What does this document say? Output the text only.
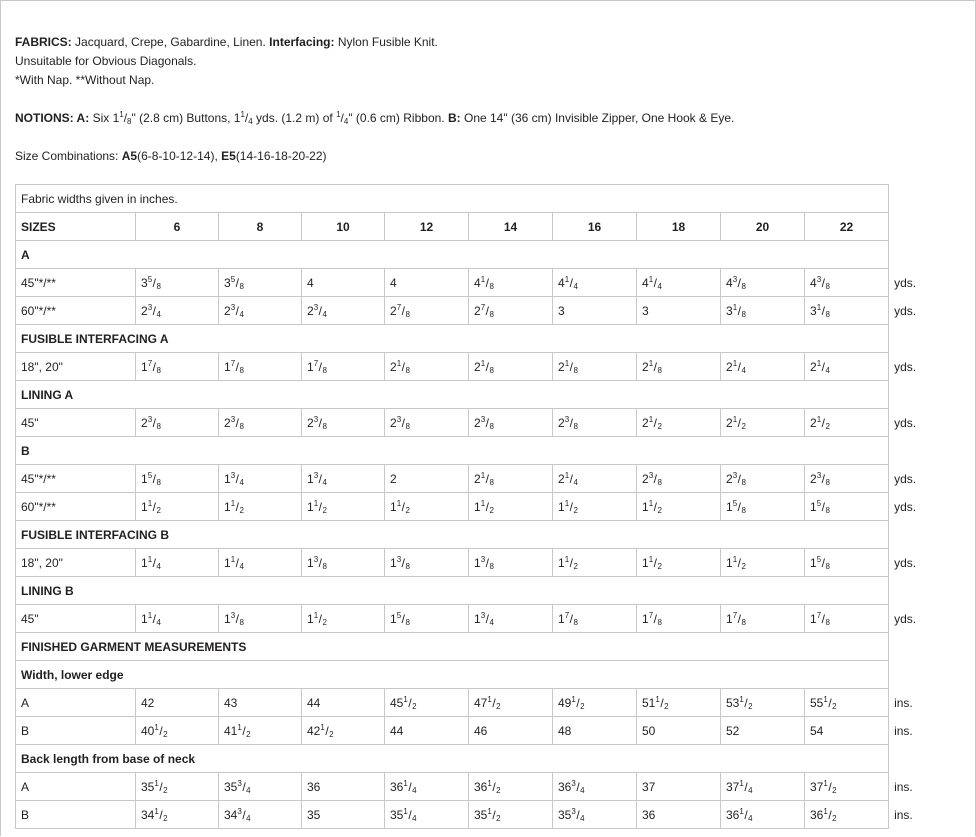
FABRICS: Jacquard, Crepe, Gabardine, Linen. Interfacing: Nylon Fusible Knit.

Unsuitable for Obvious Diagonals.

*With Nap. **Without Nap.

NOTIONS: A: Six $1^1/_8$" (2.8 cm) Buttons, $1^1/_4$ yds. (1.2 m) of $^1/_4$" (0.6 cm) Ribbon. B: One 14" (36 cm) Invisible Zipper, One Hook & Eye.

Size Combinations: A5(6-8-10-12-14), E5(14-16-18-20-22)

Fabric widths given in inches.										
SIZES	6	8	10	12	14	16	18	20	22	
A										
45"*/**	$3^5/8$	$3^5/8$	4	4	$4^1/8$	$4^1/4$	$4^1/4$	$4^3/8$	$4^3/8$	yds.
60"*/**	$2^3/4$	$2^3/4$	$2^3/4$	$2^7/8$	$2^7/8$	3	3	$3^1/8$	$3^1/8$	yds.
FUSIBLE INTERFACING A										
18", 20"	$1^7/8$	$1^7/8$	$1^7/8$	$2^1/8$	$2^1/8$	$2^1/8$	$2^1/8$	$2^1/4$	$2^1/4$	yds.
LINING A										
45"	$2^3/8$	$2^3/8$	$2^3/8$	$2^3/8$	$2^3/8$	$2^3/8$	$2^1/2$	$2^1/2$	$2^1/2$	yds.
B										
45"*/**	$1^5/8$	$1^3/4$	$1^3/4$	2	$2^1/8$	$2^1/4$	$2^3/8$	$2^3/8$	$2^3/8$	yds.
60"*/**	$1^1/2$	$1^1/2$	$1^1/2$	$1^1/2$	$1^1/2$	$1^1/2$	$1^1/2$	$1^5/8$	$1^5/8$	yds.
FUSIBLE INTERFACING B										
18", 20"	$1^1/4$	$1^1/4$	$1^3/8$	$1^3/8$	$1^3/8$	$1^1/2$	$1^1/2$	$1^1/2$	$1^5/8$	yds.
LINING B										
45"	$1^1/4$	$1^3/8$	$1^1/2$	$1^5/8$	$1^3/4$	$1^7/8$	$1^7/8$	$1^7/8$	$1^7/8$	yds.
FINISHED GARMENT MEASUREMENTS										
Width, lower edge										
A	42	43	44	$45^1/2$	$47^1/2$	$49^1/2$	$51^1/2$	$53^1/2$	$55^1/2$	ins.
B	$40^1/2$	$41^1/2$	$42^1/2$	44	46	48	50	52	54	ins.
Back length from base of neck										
A	$35^1/2$	$35^3/4$	36	$36^1/4$	$36^1/2$	$36^3/4$	37	$37^1/4$	$37^1/2$	ins.
B	$34^1/2$	$34^3/4$	35	$35^1/4$	$35^1/2$	$35^3/4$	36	$36^1/4$	$36^1/2$	ins.
